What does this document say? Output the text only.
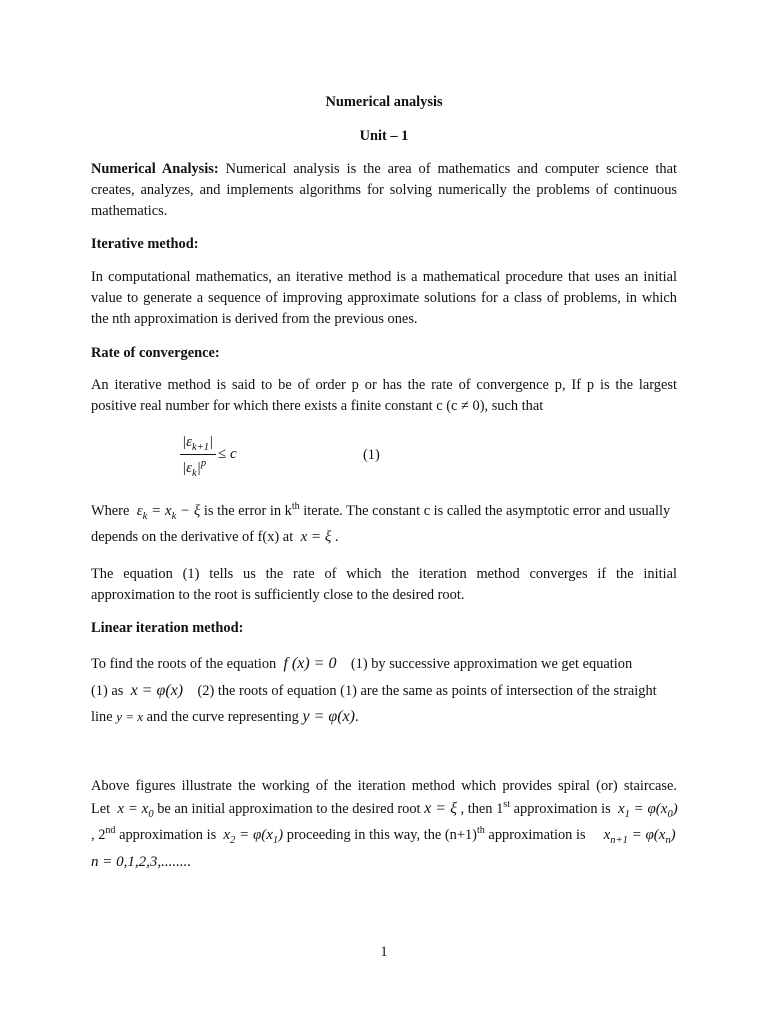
Numerical analysis
Unit – 1
Numerical Analysis: Numerical analysis is the area of mathematics and computer science that
creates, analyzes, and implements algorithms for solving numerically the problems of continuous
mathematics.
Iterative method:
In computational mathematics, an iterative method is a mathematical procedure that uses an initial
value to generate a sequence of improving approximate solutions for a class of problems, in which
the nth approximation is derived from the previous ones.
Rate of convergence:
An iterative method is said to be of order p or has the rate of convergence p, If p is the largest
positive real number for which there exists a finite constant c (c ≠ 0), such that
$|\varepsilon_{k+1}|$
$|\varepsilon_k|^p$
≤ c	(1)
Where  $\varepsilon_k = x_k - \xi$ is the error in $k^{th}$ iterate. The constant c is called the asymptotic error and usually
depends on the derivative of f(x) at  x = ξ .
The equation (1) tells us the rate of which the iteration method converges if the initial
approximation to the root is sufficiently close to the desired root.
Linear iteration method:
To find the roots of the equation f (x) = 0 (1) by successive approximation we get equation
(1) as x = φ(x) (2) the roots of equation (1) are the same as points of intersection of the straight
line y = x and the curve representing y = φ(x).
Above figures illustrate the working of the iteration method which provides spiral (or) staircase.
Let $x = x_0$ be an initial approximation to the desired root x = ξ , then 1st approximation is $x_1 = \varphi(x_0)$
, 2nd approximation is $x_2 = \varphi(x_1)$ proceeding in this way, the $(n+1)^{th}$ approximation is $x_{n+1} = \varphi(x_n)$
n = 0,1,2,3,........
1
